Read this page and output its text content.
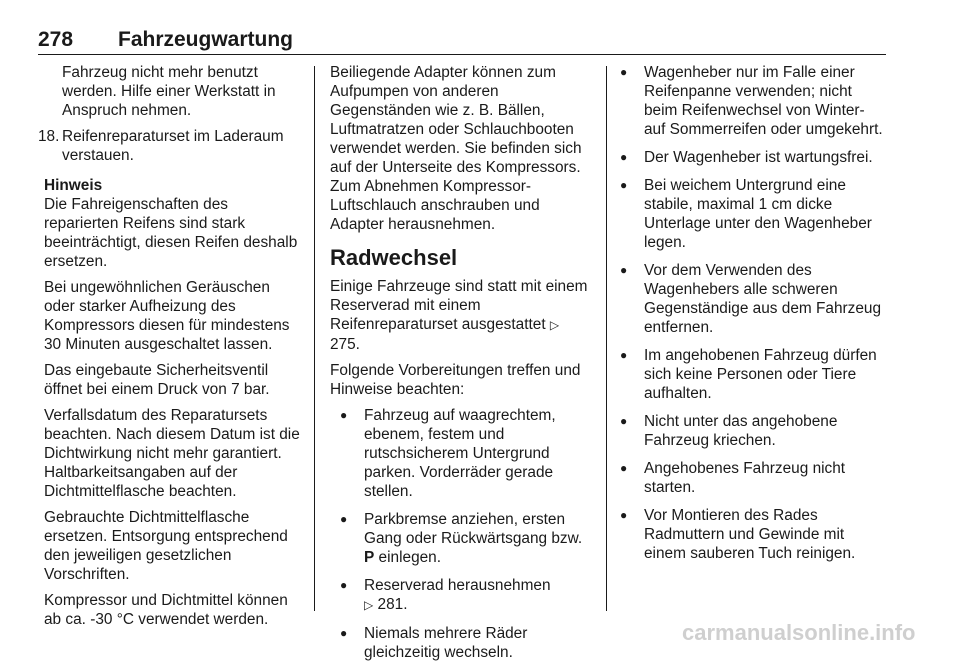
278 Fahrzeugwartung

Fahrzeug nicht mehr benutzt werden. Hilfe einer Werkstatt in Anspruch nehmen.

18. Reifenreparaturset im Laderaum verstauen.
Hinweis

Die Fahreigenschaften des reparierten Reifens sind stark beeinträchtigt, diesen Reifen deshalb ersetzen.

Bei ungewöhnlichen Geräuschen oder starker Aufheizung des Kompressors diesen für mindestens 30 Minuten ausgeschaltet lassen.

Das eingebaute Sicherheitsventil öffnet bei einem Druck von 7 bar.

Verfallsdatum des Reparatursets beachten. Nach diesem Datum ist die Dichtwirkung nicht mehr garantiert. Haltbarkeitsangaben auf der Dichtmittelflasche beachten.

Gebrauchte Dichtmittelflasche ersetzen. Entsorgung entsprechend den jeweiligen gesetzlichen Vorschriften.

Kompressor und Dichtmittel können ab ca. -30 °C verwendet werden.

Beiliegende Adapter können zum Aufpumpen von anderen Gegenständen wie z. B. Bällen, Luftmatratzen oder Schlauchbooten verwendet werden. Sie befinden sich auf der Unterseite des Kompressors. Zum Abnehmen Kompressor-Luftschlauch anschrauben und Adapter herausnehmen.

Radwechsel

Einige Fahrzeuge sind statt mit einem Reserverad mit einem Reifenreparaturset ausgestattet ▷ 275.

Folgende Vorbereitungen treffen und Hinweise beachten:

●	Fahrzeug auf waagrechtem, ebenem, festem und rutschsicherem Untergrund parken. Vorderräder gerade stellen.
●	Parkbremse anziehen, ersten Gang oder Rückwärtsgang bzw. P einlegen.
●	Reserverad herausnehmen
▷ 281.
●	Niemals mehrere Räder gleichzeitig wechseln.
●	Wagenheber nur im Falle einer Reifenpanne verwenden; nicht beim Reifenwechsel von Winter- auf Sommerreifen oder umgekehrt.
●	Der Wagenheber ist wartungsfrei.
●	Bei weichem Untergrund eine stabile, maximal 1 cm dicke Unterlage unter den Wagenheber legen.
●	Vor dem Verwenden des Wagenhebers alle schweren Gegenständige aus dem Fahrzeug entfernen.
●	Im angehobenen Fahrzeug dürfen sich keine Personen oder Tiere aufhalten.
●	Nicht unter das angehobene Fahrzeug kriechen.
●	Angehobenes Fahrzeug nicht starten.
●	Vor Montieren des Rades Radmuttern und Gewinde mit einem sauberen Tuch reinigen.
carmanualsonline.info
